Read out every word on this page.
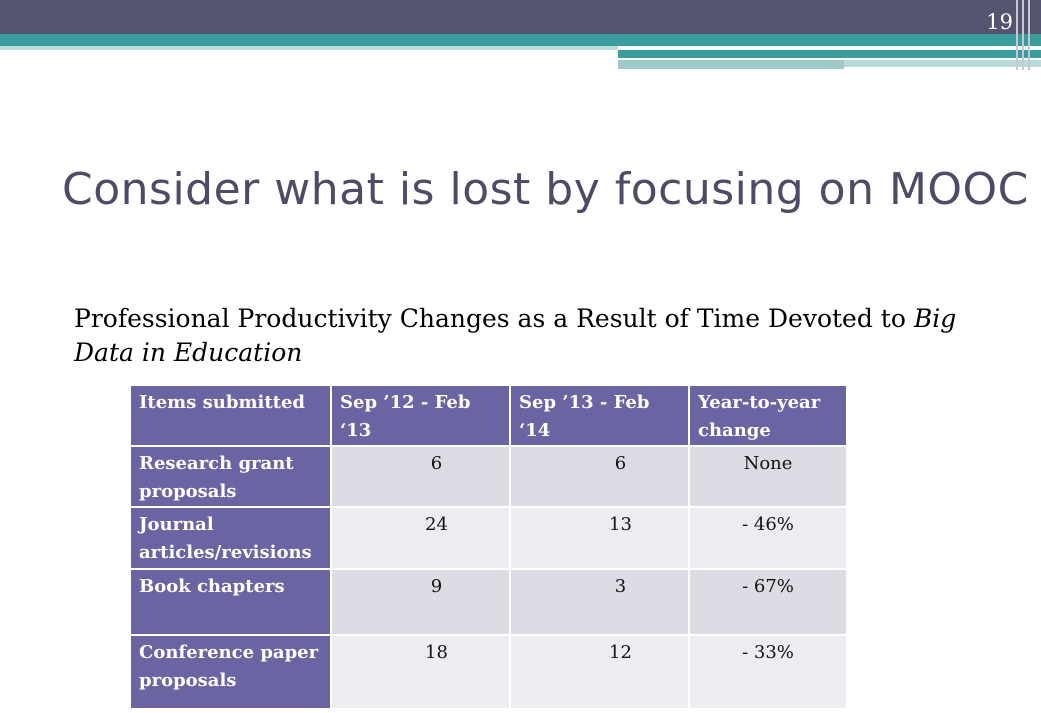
19
Consider what is lost by focusing on MOOC

Professional Productivity Changes as a Result of Time Devoted to Big Data in Education

Items submitted	Sep ’12 - Feb ‘13	Sep ’13 - Feb ‘14	Year-to-year change
Research grant proposals	6	6	None
Journal articles/revisions	24	13	- 46%
Book chapters	9	3	- 67%
Conference paper proposals	18	12	- 33%
